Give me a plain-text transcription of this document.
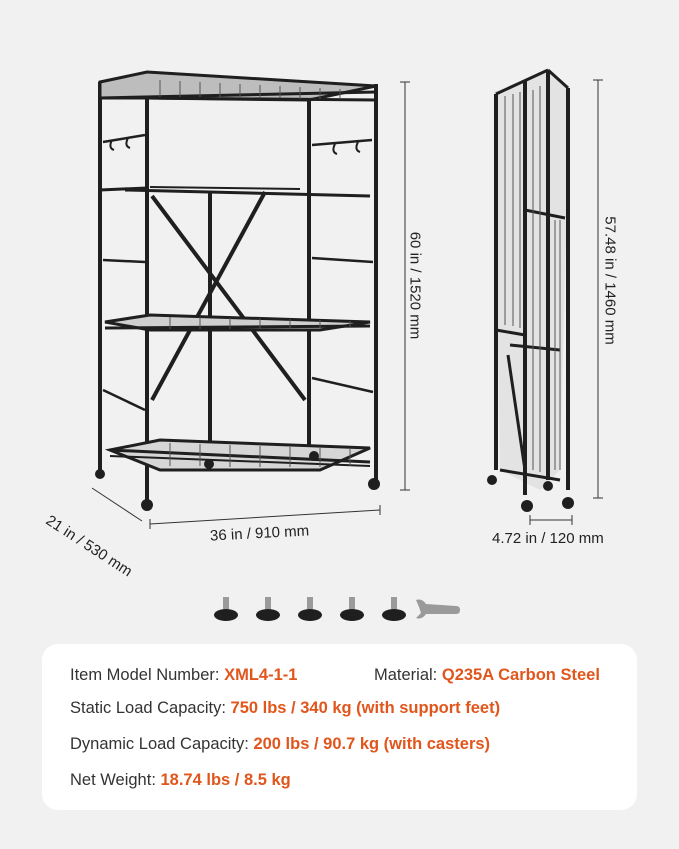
60 in / 1520 mm
36 in / 910 mm
21 in / 530 mm
57.48 in / 1460 mm
4.72 in / 120 mm
Item Model Number: XML4-1-1	Material: Q235A Carbon Steel
Static Load Capacity: 750 lbs / 340 kg (with support feet)
Dynamic Load Capacity: 200 lbs / 90.7 kg (with casters)
Net Weight: 18.74 lbs / 8.5 kg
